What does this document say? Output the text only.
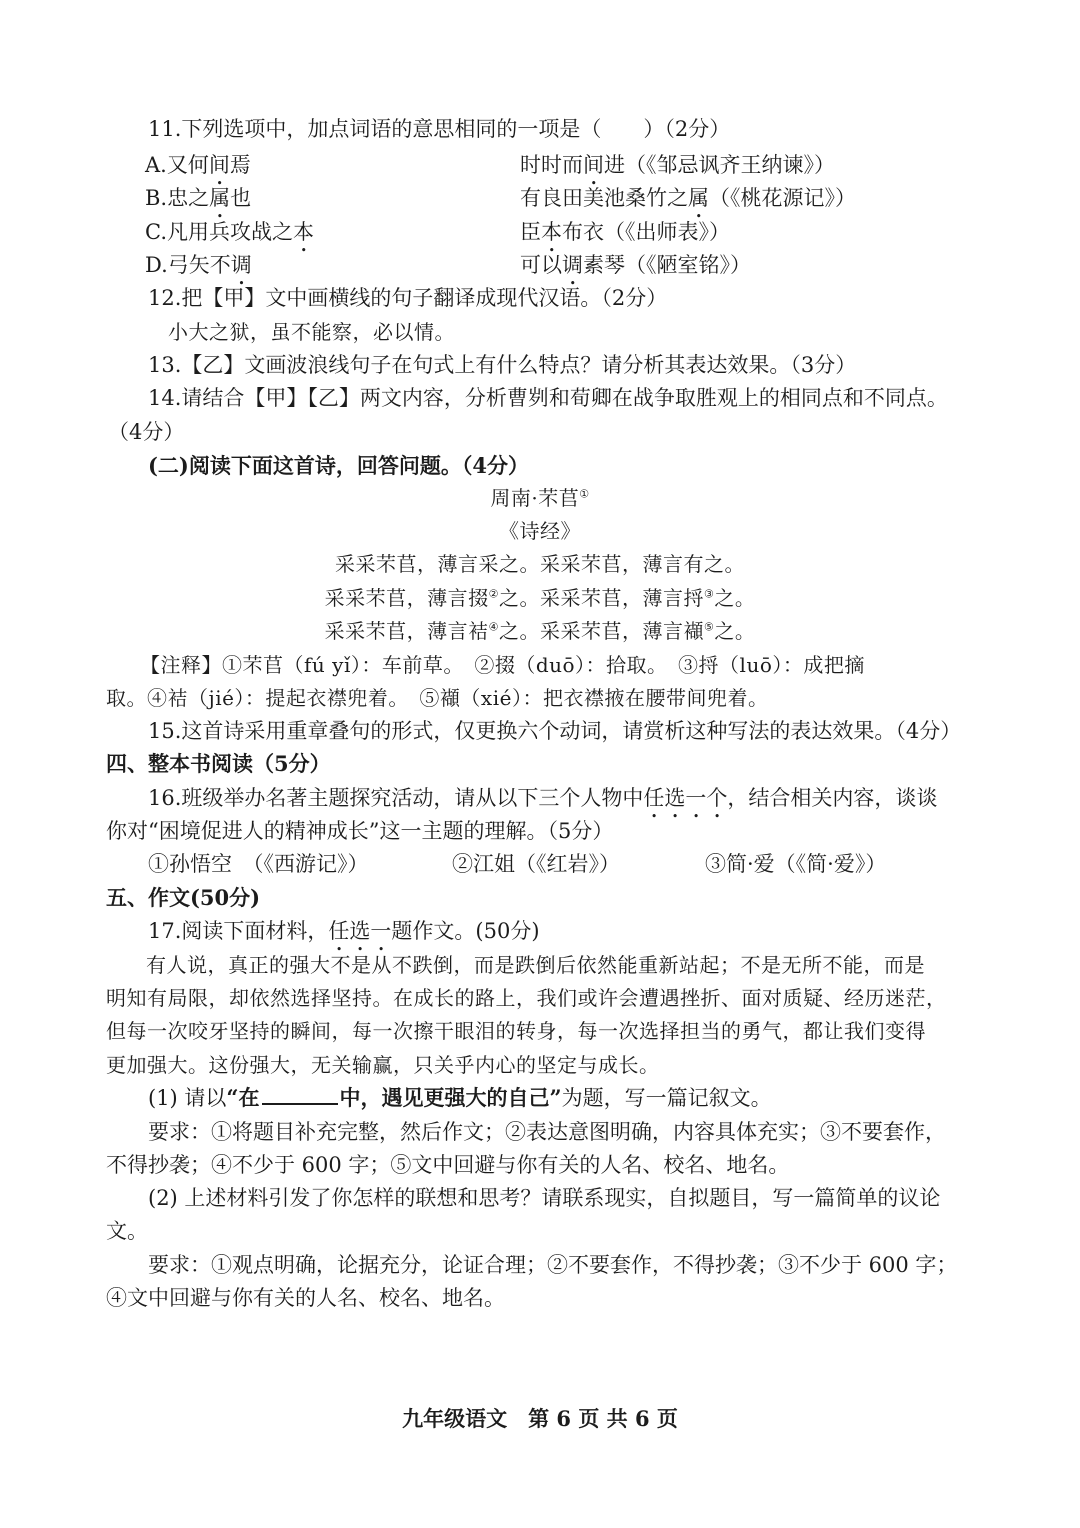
11.下列选项中，加点词语的意思相同的一项是（　　）（2分）
A.又何间焉	时时而间进（《邹忌讽齐王纳谏》）
B.忠之属也	有良田美池桑竹之属（《桃花源记》）
C.凡用兵攻战之本	臣本布衣（《出师表》）
D.弓矢不调	可以调素琴（《陋室铭》）
12.把【甲】文中画横线的句子翻译成现代汉语。（2分）
小大之狱，虽不能察，必以情。
13.【乙】文画波浪线句子在句式上有什么特点？请分析其表达效果。（3分）
14.请结合【甲】【乙】两文内容，分析曹刿和荀卿在战争取胜观上的相同点和不同点。
（4分）
(二)阅读下面这首诗，回答问题。（4分）
周南·芣苢①
《诗经》
采采芣苢，薄言采之。采采芣苢，薄言有之。
采采芣苢，薄言掇②之。采采芣苢，薄言捋③之。
采采芣苢，薄言袺④之。采采芣苢，薄言襭⑤之。
【注释】①芣苢（fú yǐ）：车前草。　②掇（duō）：拾取。　③捋（luō）：成把摘
取。④袺（jié）：提起衣襟兜着。　⑤襭（xié）：把衣襟掖在腰带间兜着。
15.这首诗采用重章叠句的形式，仅更换六个动词，请赏析这种写法的表达效果。（4分）
四、整本书阅读（5分）
16.班级举办名著主题探究活动，请从以下三个人物中任选一个，结合相关内容，谈谈
你对“困境促进人的精神成长”这一主题的理解。（5分）
①孙悟空　（《西游记》）	②江姐（《红岩》）	③简·爱（《简·爱》）
五、作文(50分)
17.阅读下面材料，任选一题作文。(50分)
有人说，真正的强大不是从不跌倒，而是跌倒后依然能重新站起；不是无所不能，而是
明知有局限，却依然选择坚持。在成长的路上，我们或许会遭遇挫折、面对质疑、经历迷茫，
但每一次咬牙坚持的瞬间，每一次擦干眼泪的转身，每一次选择担当的勇气，都让我们变得
更加强大。这份强大，无关输赢，只关乎内心的坚定与成长。
(1) 请以“在	中，遇见更强大的自己”为题，写一篇记叙文。
要求：①将题目补充完整，然后作文；②表达意图明确，内容具体充实；③不要套作，
不得抄袭；④不少于 600 字；⑤文中回避与你有关的人名、校名、地名。
(2) 上述材料引发了你怎样的联想和思考？请联系现实，自拟题目，写一篇简单的议论
文。
要求：①观点明确，论据充分，论证合理；②不要套作，不得抄袭；③不少于 600 字；
④文中回避与你有关的人名、校名、地名。
九年级语文　第 6 页 共 6 页
